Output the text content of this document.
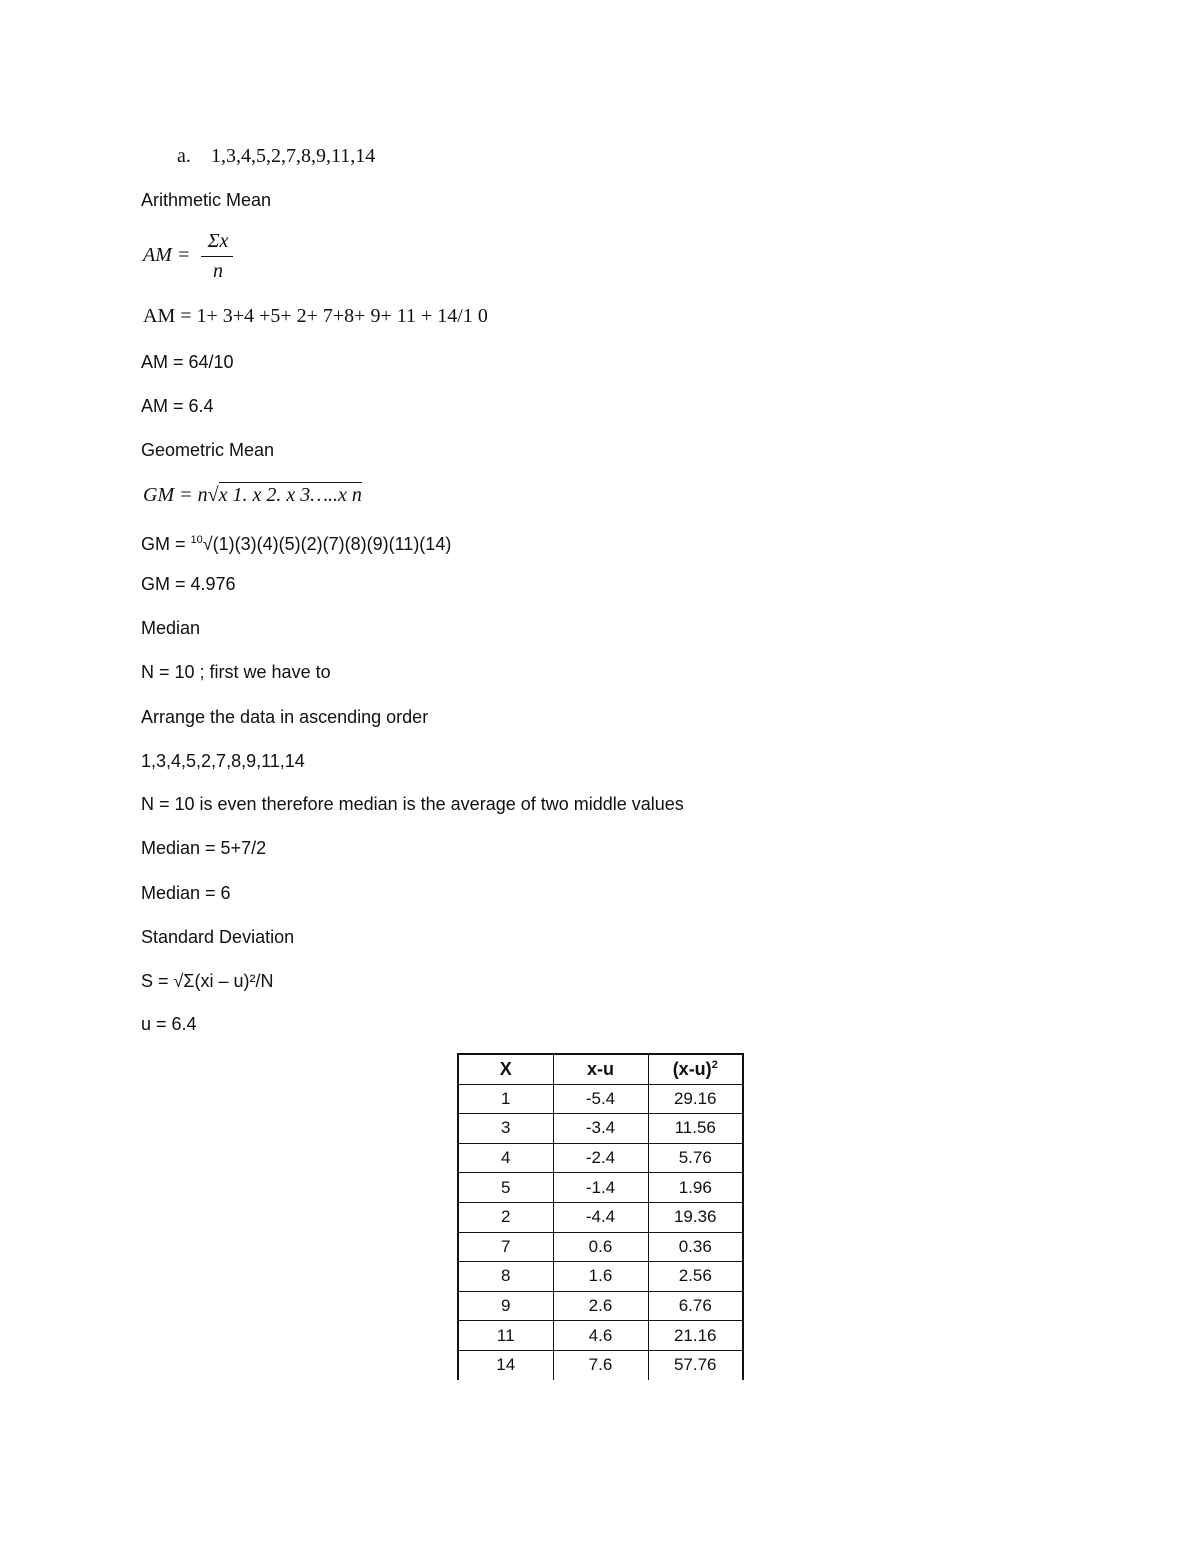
a. 1,3,4,5,2,7,8,9,11,14
Arithmetic Mean
AM =
Σx
n
AM = 1+ 3+4 +5+ 2+ 7+8+ 9+ 11 + 14/1 0
AM = 64/10
AM = 6.4
Geometric Mean
GM = n√x 1. x 2. x 3…..x n
GM = $^{10}$√(1)(3)(4)(5)(2)(7)(8)(9)(11)(14)
GM = 4.976
Median
N = 10 ; first we have to
Arrange the data in ascending order
1,3,4,5,2,7,8,9,11,14
N = 10 is even therefore median is the average of two middle values
Median = 5+7/2
Median = 6
Standard Deviation
S = √Σ(xi – u)²/N
u = 6.4
X	x-u	$(x-u)^2$
1	-5.4	29.16
3	-3.4	11.56
4	-2.4	5.76
5	-1.4	1.96
2	-4.4	19.36
7	0.6	0.36
8	1.6	2.56
9	2.6	6.76
11	4.6	21.16
14	7.6	57.76
